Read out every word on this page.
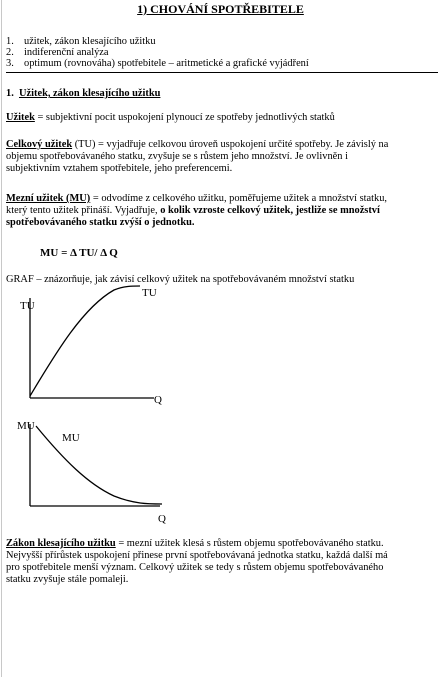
1) CHOVÁNÍ SPOTŘEBITELE
1. užitek, zákon klesajícího užitku
2. indiferenční analýza
3. optimum (rovnováha) spotřebitele – aritmetické a grafické vyjádření
1. Užitek, zákon klesajícího užitku
Užitek = subjektivní pocit uspokojení plynoucí ze spotřeby jednotlivých statků
Celkový užitek (TU) = vyjadřuje celkovou úroveň uspokojení určité spotřeby. Je závislý na
objemu spotřebovávaného statku, zvyšuje se s růstem jeho množství. Je ovlivněn i
subjektivním vztahem spotřebitele, jeho preferencemi.
Mezní užitek (MU) = odvodíme z celkového užitku, poměřujeme užitek a množství statku,
který tento užitek přináší. Vyjadřuje, o kolik vzroste celkový užitek, jestliže se množství
spotřebovávaného statku zvýší o jednotku.
MU = Δ TU/ Δ Q
GRAF – znázorňuje, jak závisí celkový užitek na spotřebovávaném množství statku
TU
TU
Q
MU
MU
Q
Zákon klesajícího užitku = mezní užitek klesá s růstem objemu spotřebovávaného statku.
Nejvyšší přírůstek uspokojení přinese první spotřebovávaná jednotka statku, každá další má
pro spotřebitele menší význam. Celkový užitek se tedy s růstem objemu spotřebovávaného
statku zvyšuje stále pomaleji.
